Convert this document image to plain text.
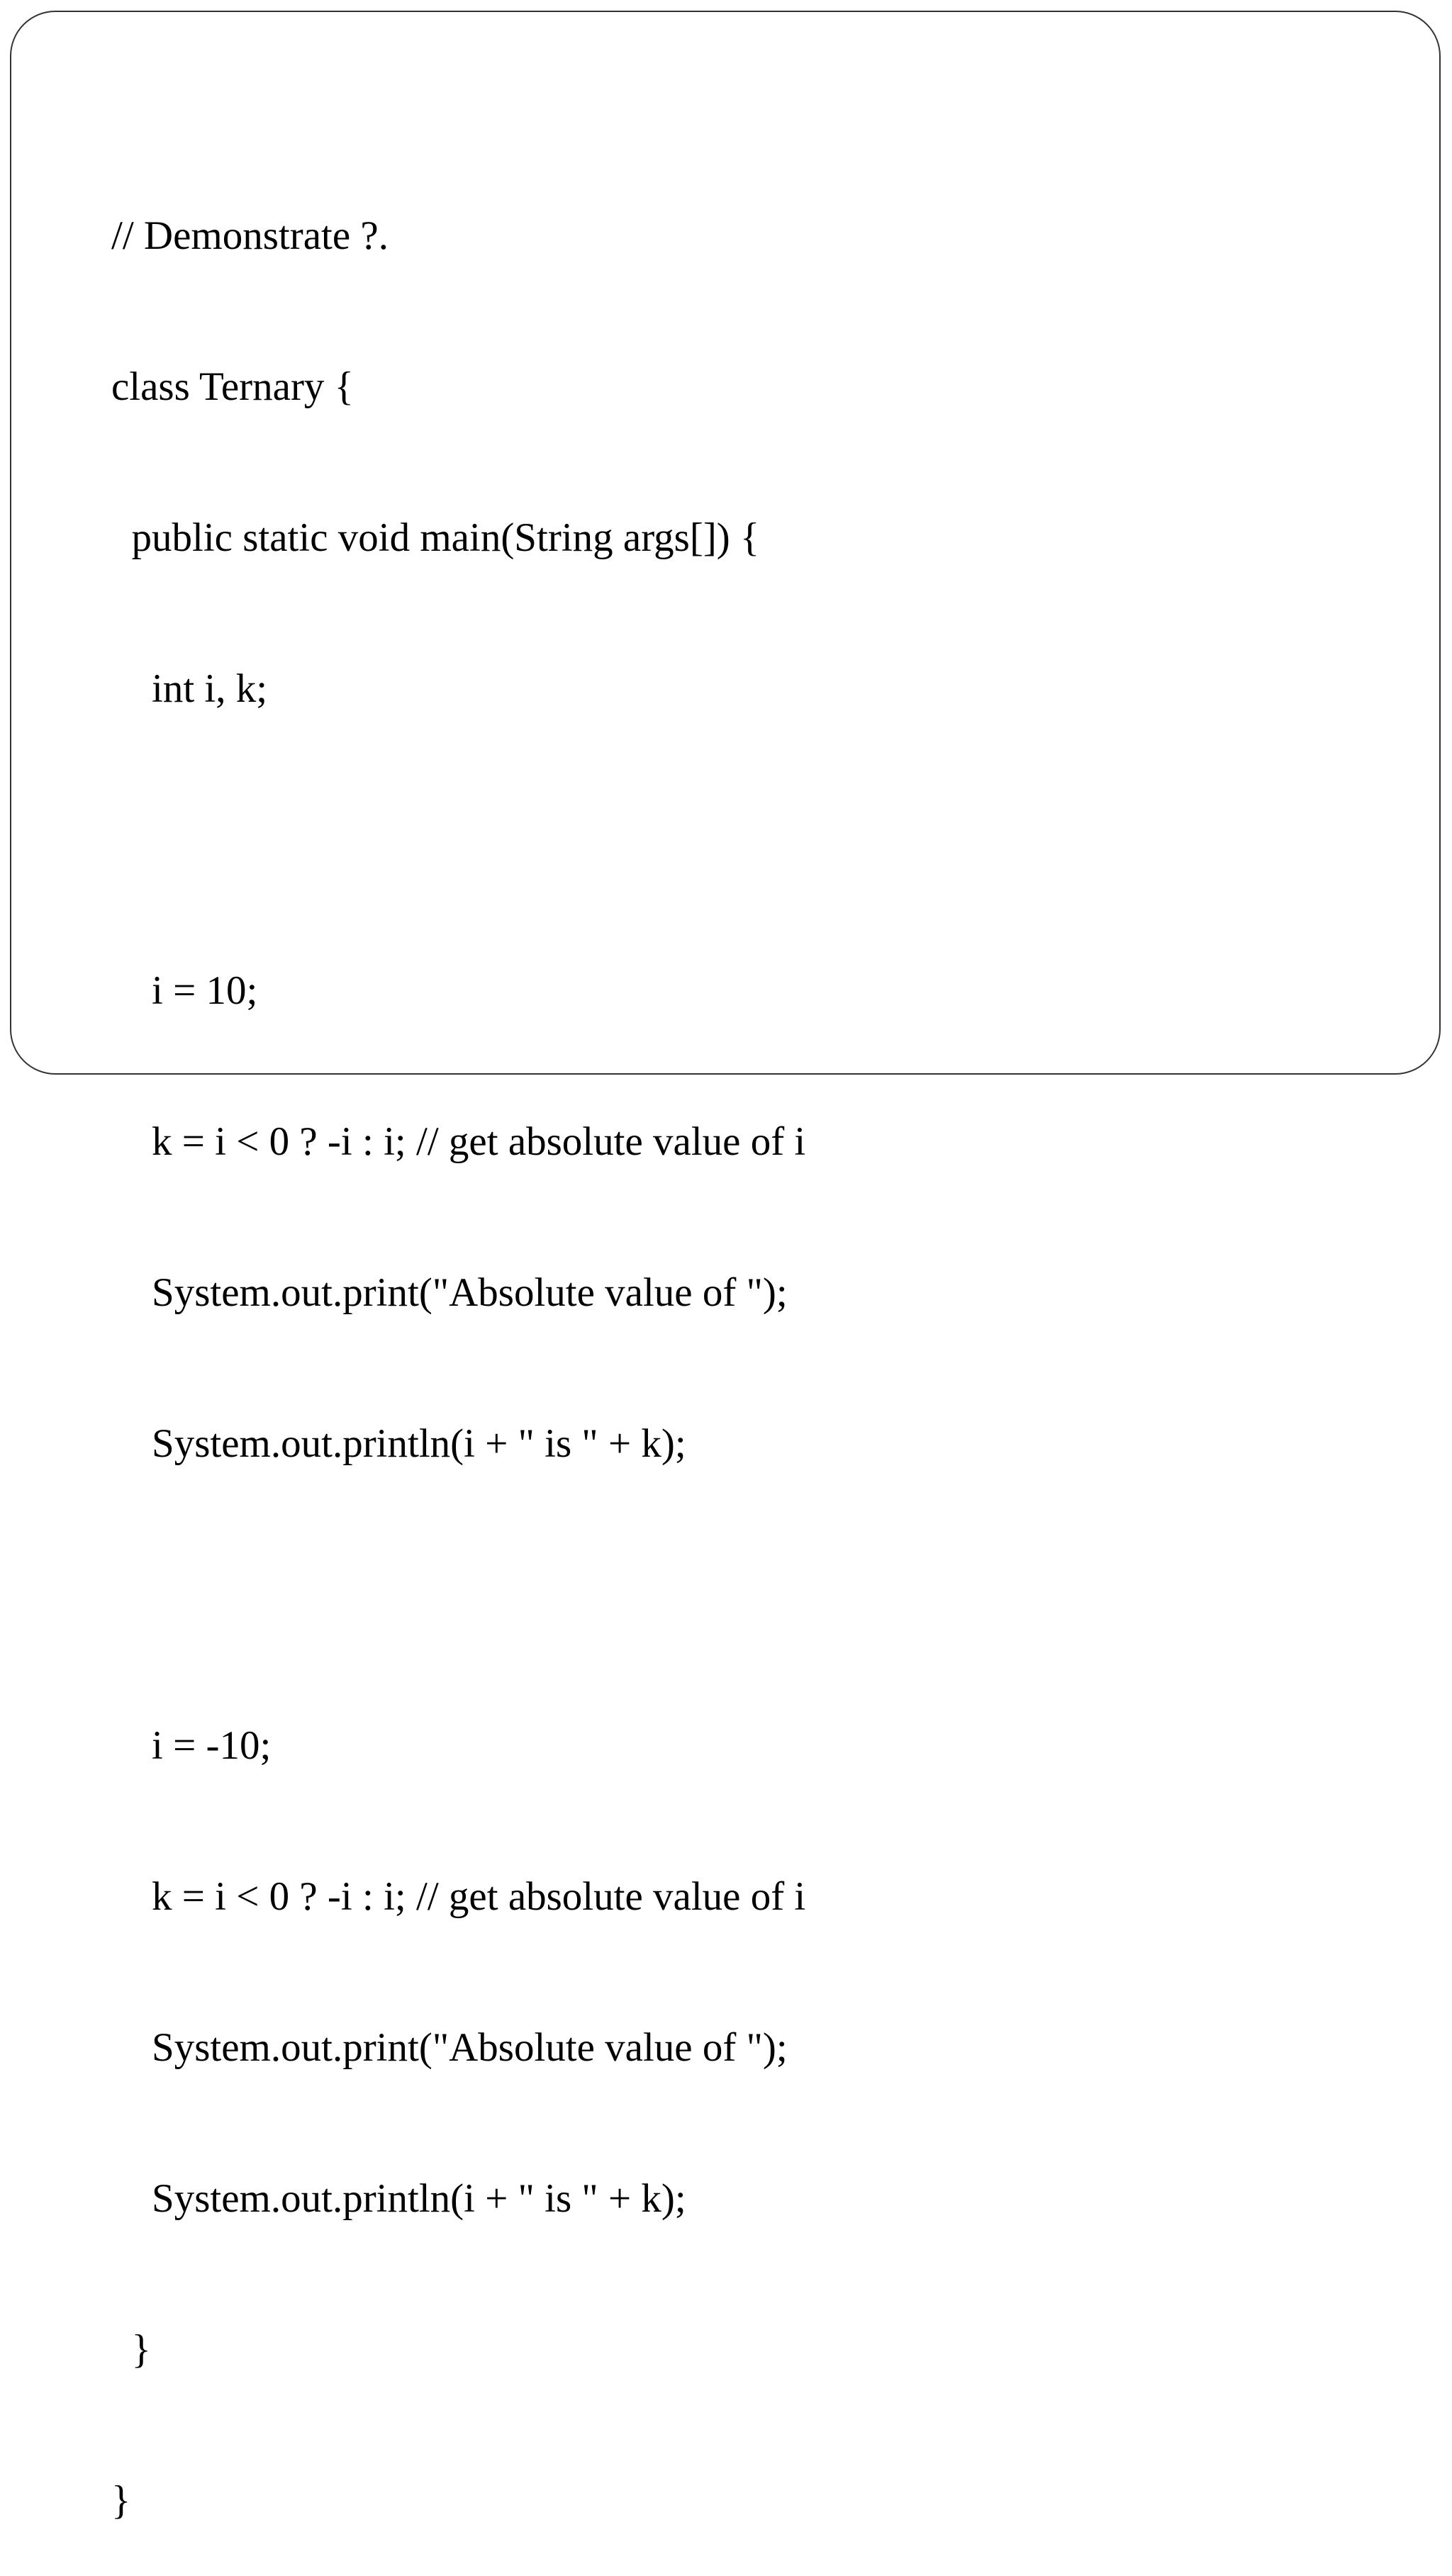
// Demonstrate ?.

class Ternary {

public static void main(String args[]) {

int i, k;

i = 10;

k = i < 0 ? -i : i; // get absolute value of i

System.out.print("Absolute value of ");

System.out.println(i + " is " + k);

i = -10;

k = i < 0 ? -i : i; // get absolute value of i

System.out.print("Absolute value of ");

System.out.println(i + " is " + k);

}

}
